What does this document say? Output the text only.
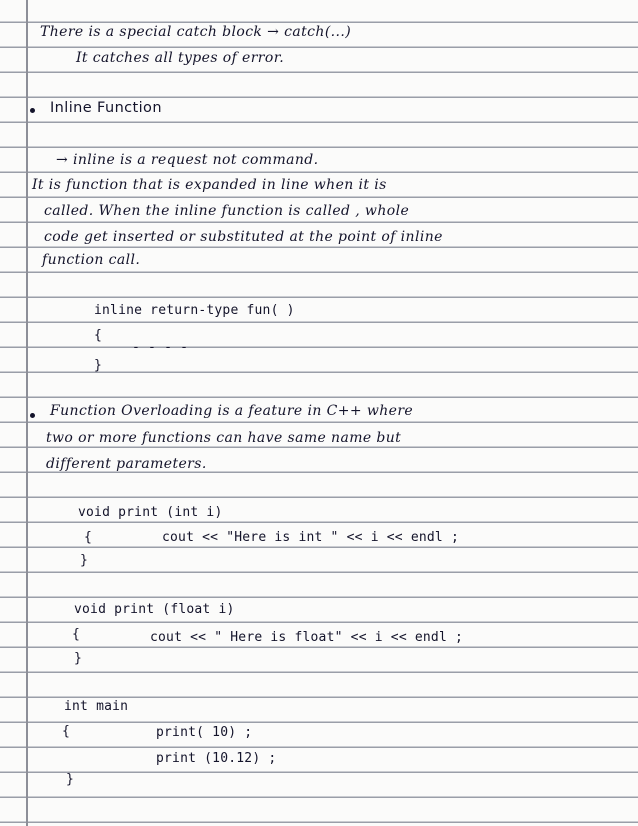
There is a special catch block → catch(...)
It catches all types of error.
Inline Function
→ inline is a request not command.
It is function that is expanded in line when it is
called. When the inline function is called , whole
code get inserted or substituted at the point of inline
function call.
inline return-type fun( )
{
- - - -
}
Function Overloading is a feature in C++ where
two or more functions can have same name but
different parameters.
void print (int i)
{	cout << "Here is int " << i << endl ;
}
void print (float i)
{	cout << " Here is float" << i << endl ;
}
int main
{	print( 10) ;
print (10.12) ;
}
